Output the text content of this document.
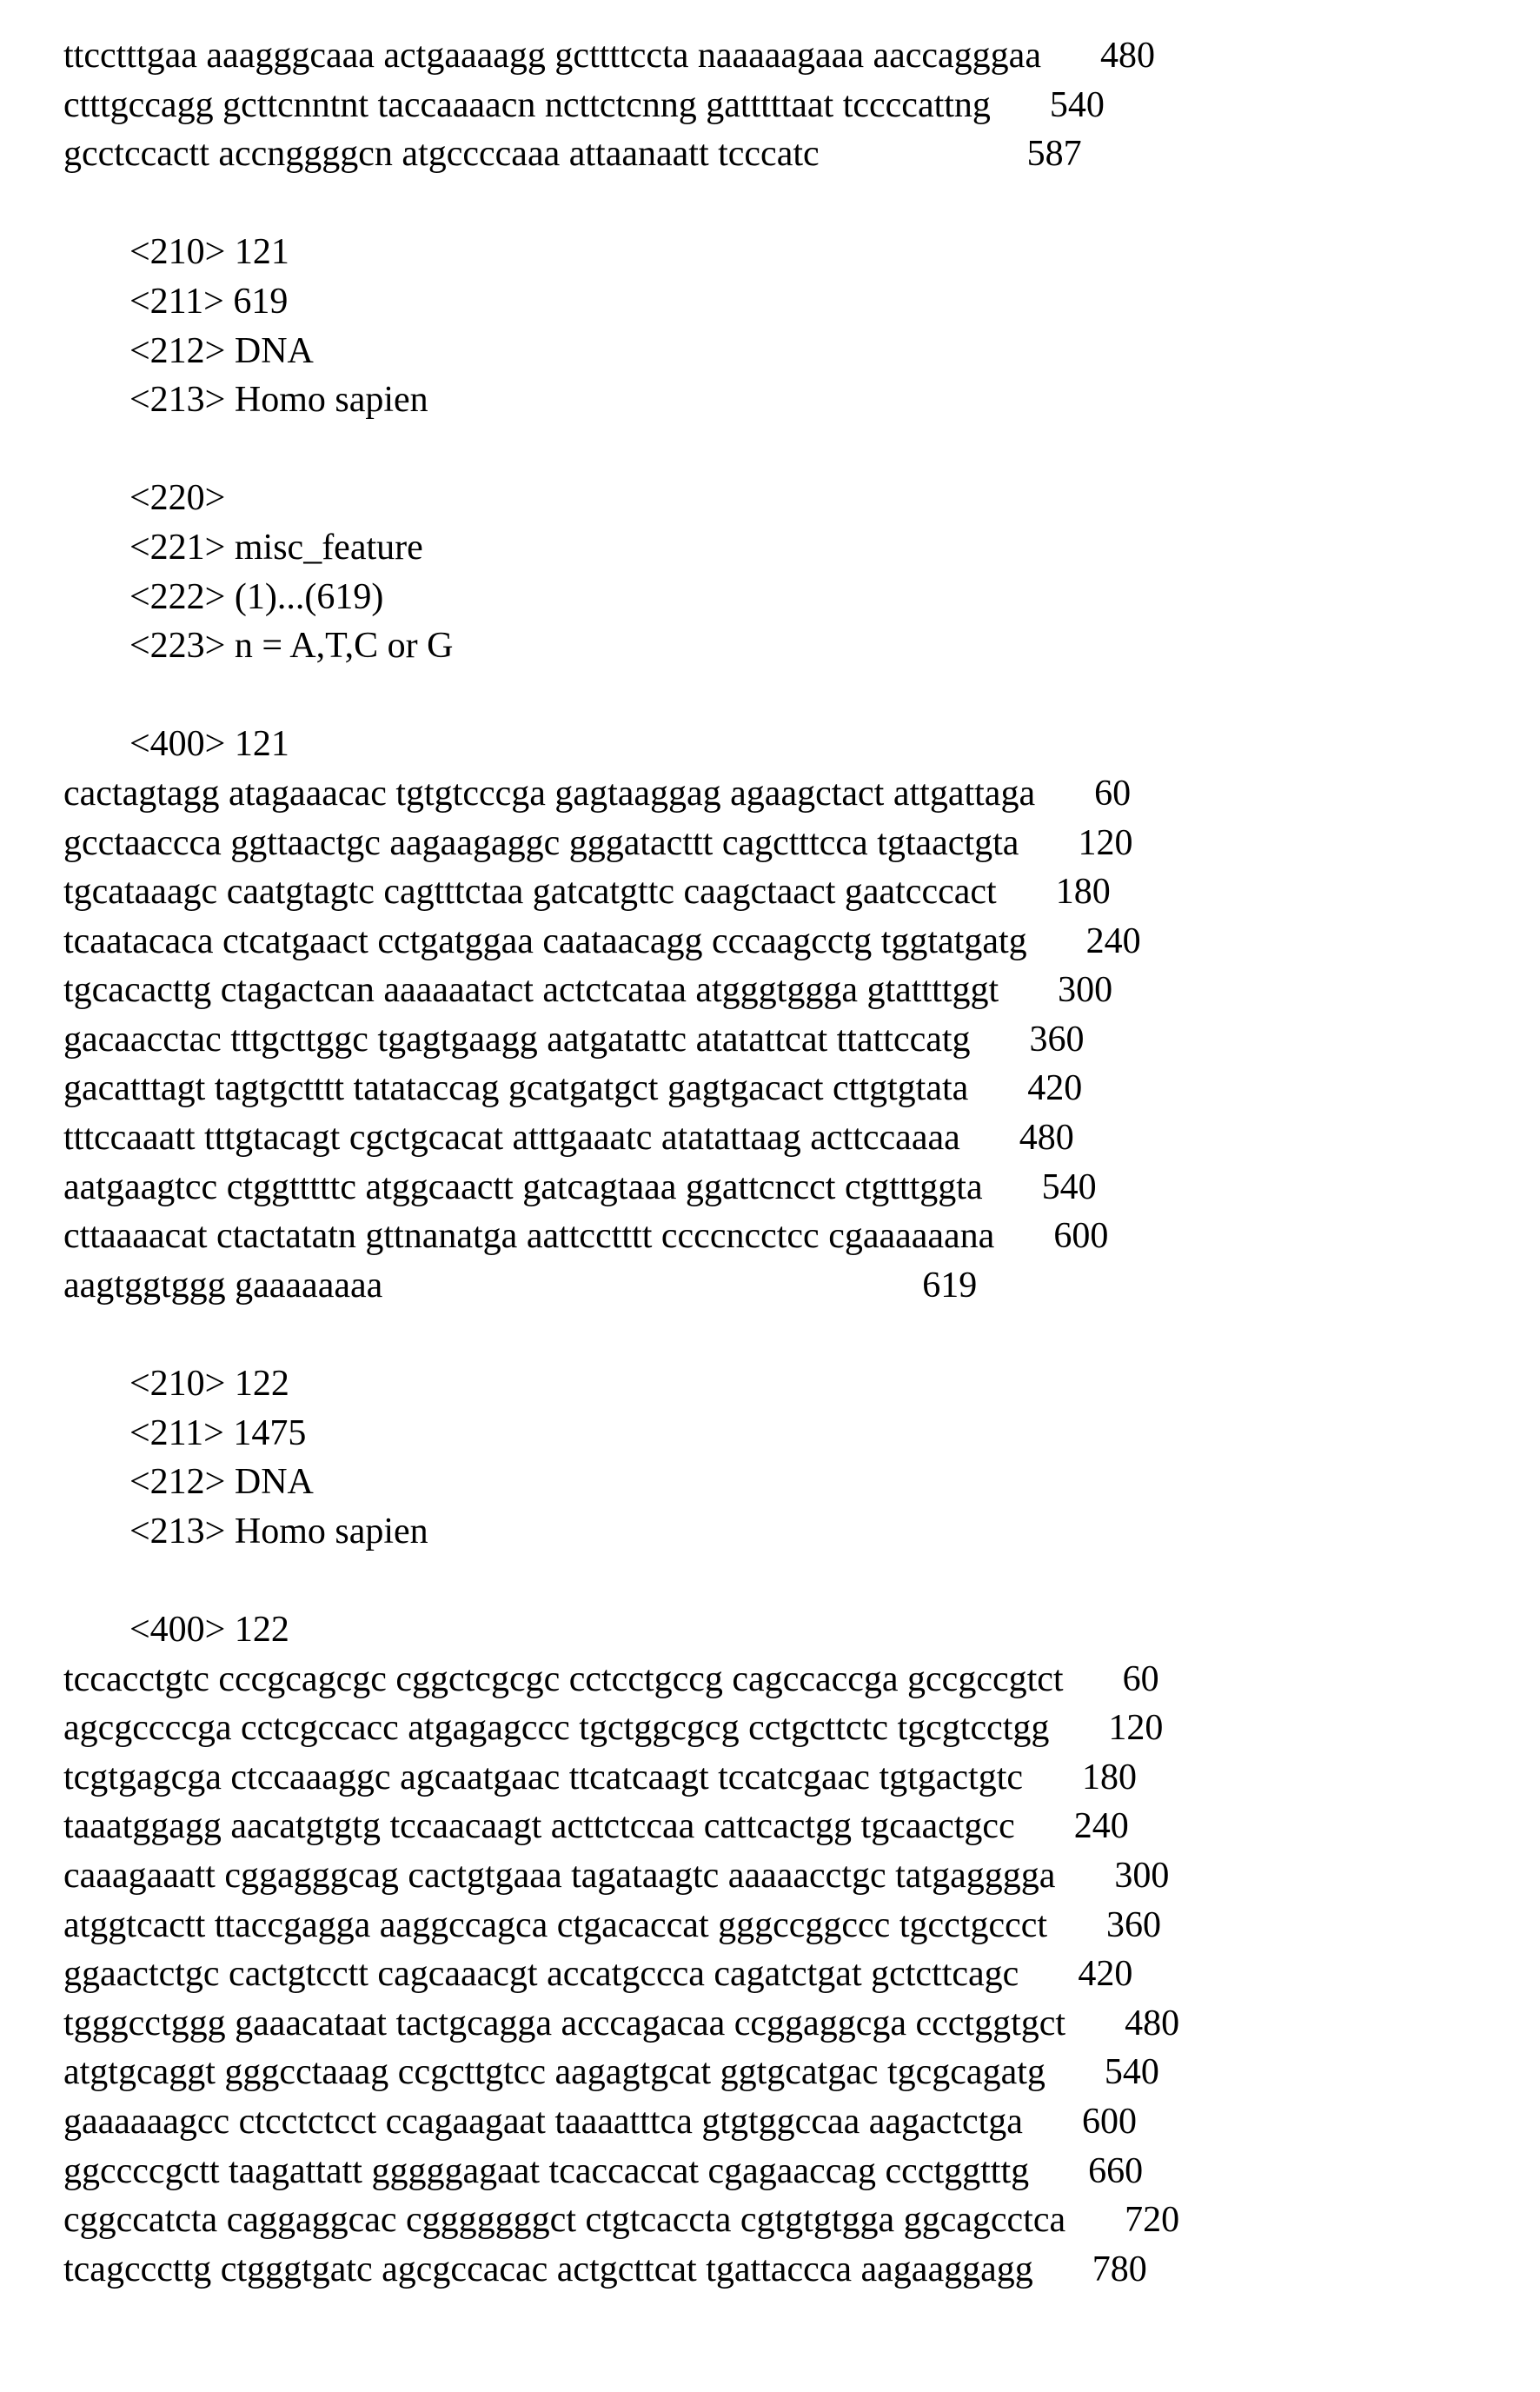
ttcctttgaa aaagggcaaa actgaaaagg gcttttccta naaaaagaaa aaccagggaa 480
ctttgccagg gcttcnntnt taccaaaacn ncttctcnng gatttttaat tccccattng 540
gcctccactt accnggggcn atgccccaaa attaanaatt tcccatc	587
<210> 121
<211> 619
<212> DNA
<213> Homo sapien
<220>
<221> misc_feature
<222> (1)...(619)
<223> n = A,T,C or G
<400> 121
cactagtagg atagaaacac tgtgtcccga gagtaaggag agaagctact attgattaga 60
gcctaaccca ggttaactgc aagaagaggc gggatacttt cagctttcca tgtaactgta 120
tgcataaagc caatgtagtc cagtttctaa gatcatgttc caagctaact gaatcccact 180
tcaatacaca ctcatgaact cctgatggaa caataacagg cccaagcctg tggtatgatg 240
tgcacacttg ctagactcan aaaaaatact actctcataa atgggtggga gtattttggt 300
gacaacctac tttgcttggc tgagtgaagg aatgatattc atatattcat ttattccatg 360
gacatttagt tagtgctttt tatataccag gcatgatgct gagtgacact cttgtgtata 420
tttccaaatt tttgtacagt cgctgcacat atttgaaatc atatattaag acttccaaaa 480
aatgaagtcc ctggtttttc atggcaactt gatcagtaaa ggattcncct ctgtttggta 540
cttaaaacat ctactatatn gttnanatga aattcctttt ccccncctcc cgaaaaaana 600
aagtggtggg gaaaaaaaa	619
<210> 122
<211> 1475
<212> DNA
<213> Homo sapien
<400> 122
tccacctgtc cccgcagcgc cggctcgcgc cctcctgccg cagccaccga gccgccgtct 60
agcgccccga cctcgccacc atgagagccc tgctggcgcg cctgcttctc tgcgtcctgg 120
tcgtgagcga ctccaaaggc agcaatgaac ttcatcaagt tccatcgaac tgtgactgtc 180
taaatggagg aacatgtgtg tccaacaagt acttctccaa cattcactgg tgcaactgcc 240
caaagaaatt cggagggcag cactgtgaaa tagataagtc aaaaacctgc tatgagggga 300
atggtcactt ttaccgagga aaggccagca ctgacaccat gggccggccc tgcctgccct 360
ggaactctgc cactgtcctt cagcaaacgt accatgccca cagatctgat gctcttcagc 420
tgggcctggg gaaacataat tactgcagga acccagacaa ccggaggcga ccctggtgct 480
atgtgcaggt gggcctaaag ccgcttgtcc aagagtgcat ggtgcatgac tgcgcagatg 540
gaaaaaagcc ctcctctcct ccagaagaat taaaatttca gtgtggccaa aagactctga 600
ggccccgctt taagattatt gggggagaat tcaccaccat cgagaaccag ccctggtttg 660
cggccatcta caggaggcac cgggggggct ctgtcaccta cgtgtgtgga ggcagcctca 720
tcagcccttg ctgggtgatc agcgccacac actgcttcat tgattaccca aagaaggagg 780
